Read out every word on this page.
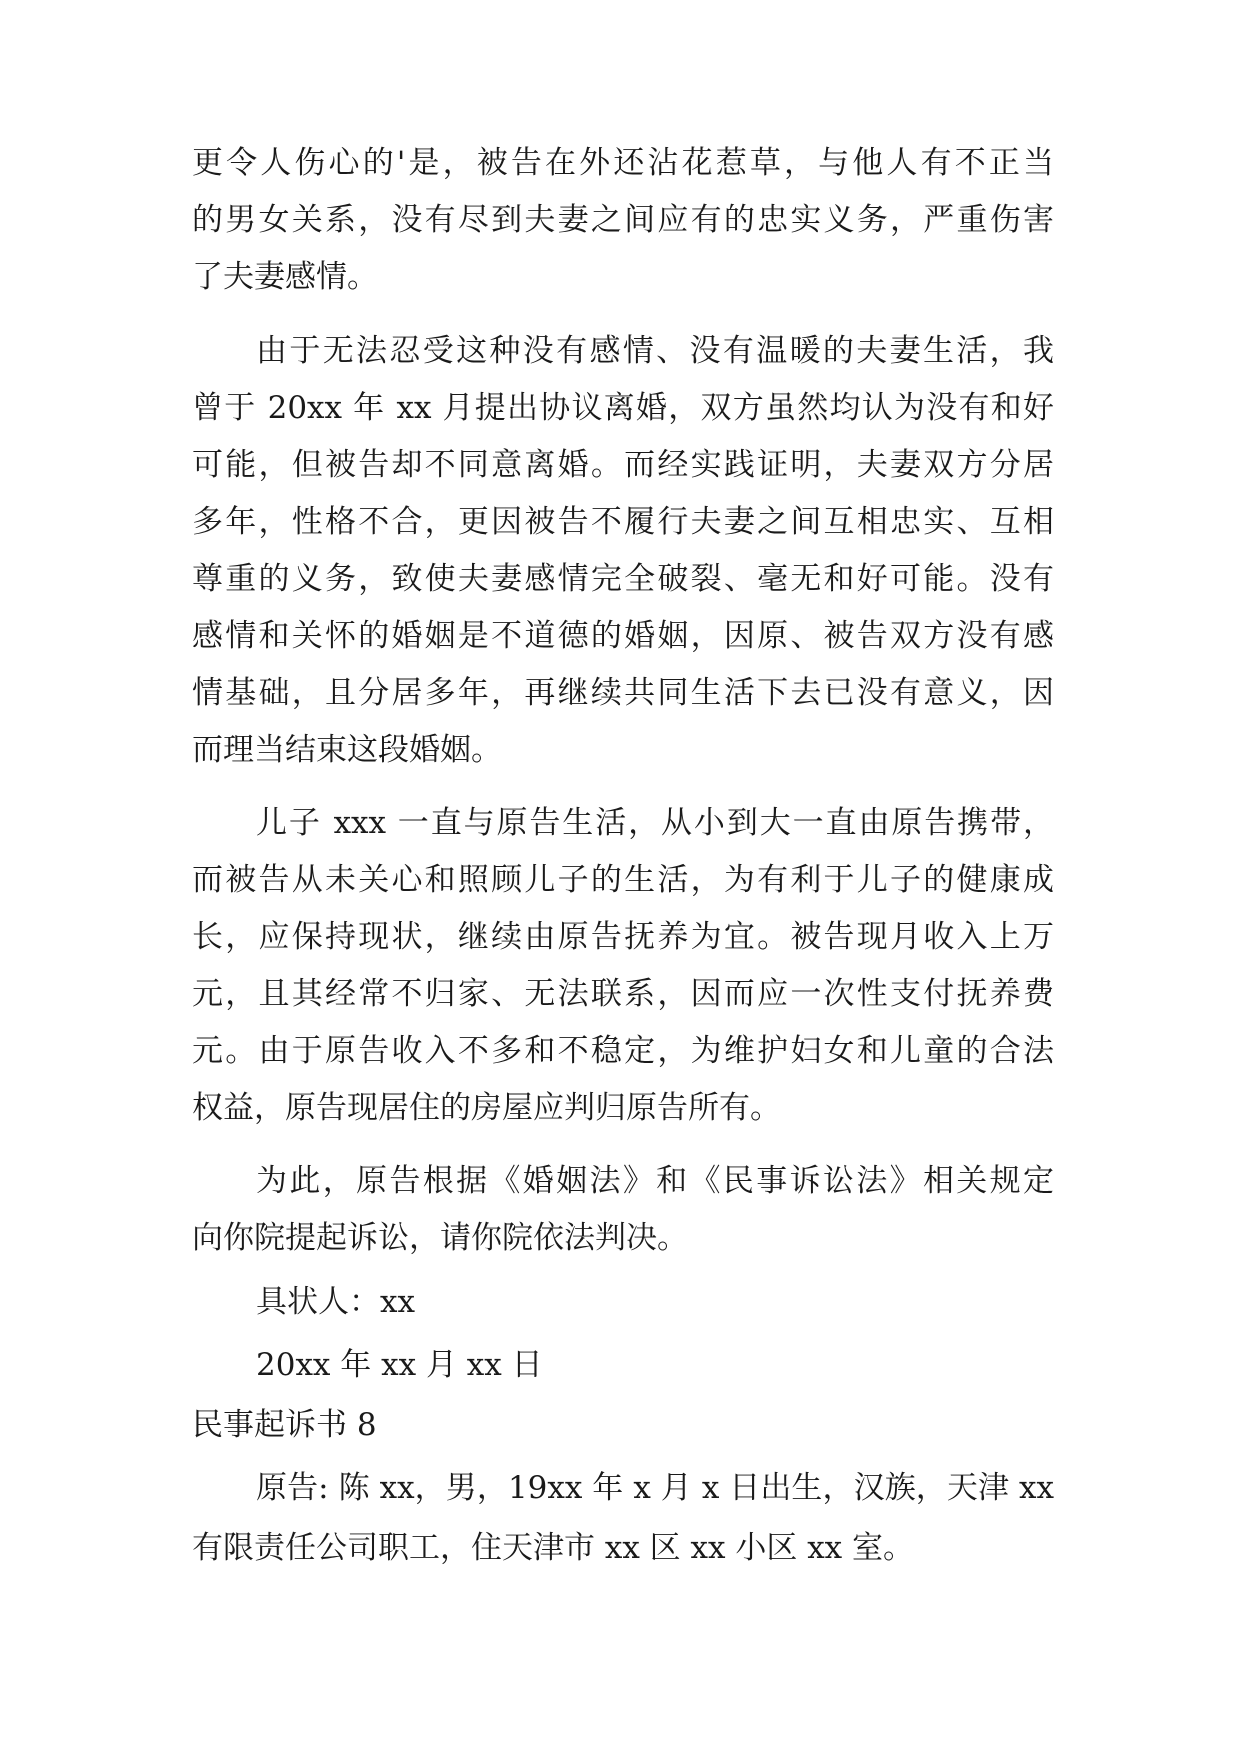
更令人伤心的'是，被告在外还沾花惹草，与他人有不正当
的男女关系，没有尽到夫妻之间应有的忠实义务，严重伤害
了夫妻感情。
由于无法忍受这种没有感情、没有温暖的夫妻生活，我
曾于 20xx 年 xx 月提出协议离婚，双方虽然均认为没有和好
可能，但被告却不同意离婚。而经实践证明，夫妻双方分居
多年，性格不合，更因被告不履行夫妻之间互相忠实、互相
尊重的义务，致使夫妻感情完全破裂、毫无和好可能。没有
感情和关怀的婚姻是不道德的婚姻，因原、被告双方没有感
情基础，且分居多年，再继续共同生活下去已没有意义，因
而理当结束这段婚姻。
儿子 xxx 一直与原告生活，从小到大一直由原告携带，
而被告从未关心和照顾儿子的生活，为有利于儿子的健康成
长，应保持现状，继续由原告抚养为宜。被告现月收入上万
元，且其经常不归家、无法联系，因而应一次性支付抚养费
元。由于原告收入不多和不稳定，为维护妇女和儿童的合法
权益，原告现居住的房屋应判归原告所有。
为此，原告根据《婚姻法》和《民事诉讼法》相关规定
向你院提起诉讼，请你院依法判决。
具状人：xx
20xx 年 xx 月 xx 日
民事起诉书 8
原告: 陈 xx，男，19xx 年 x 月 x 日出生，汉族，天津 xx
有限责任公司职工，住天津市 xx 区 xx 小区 xx 室。
